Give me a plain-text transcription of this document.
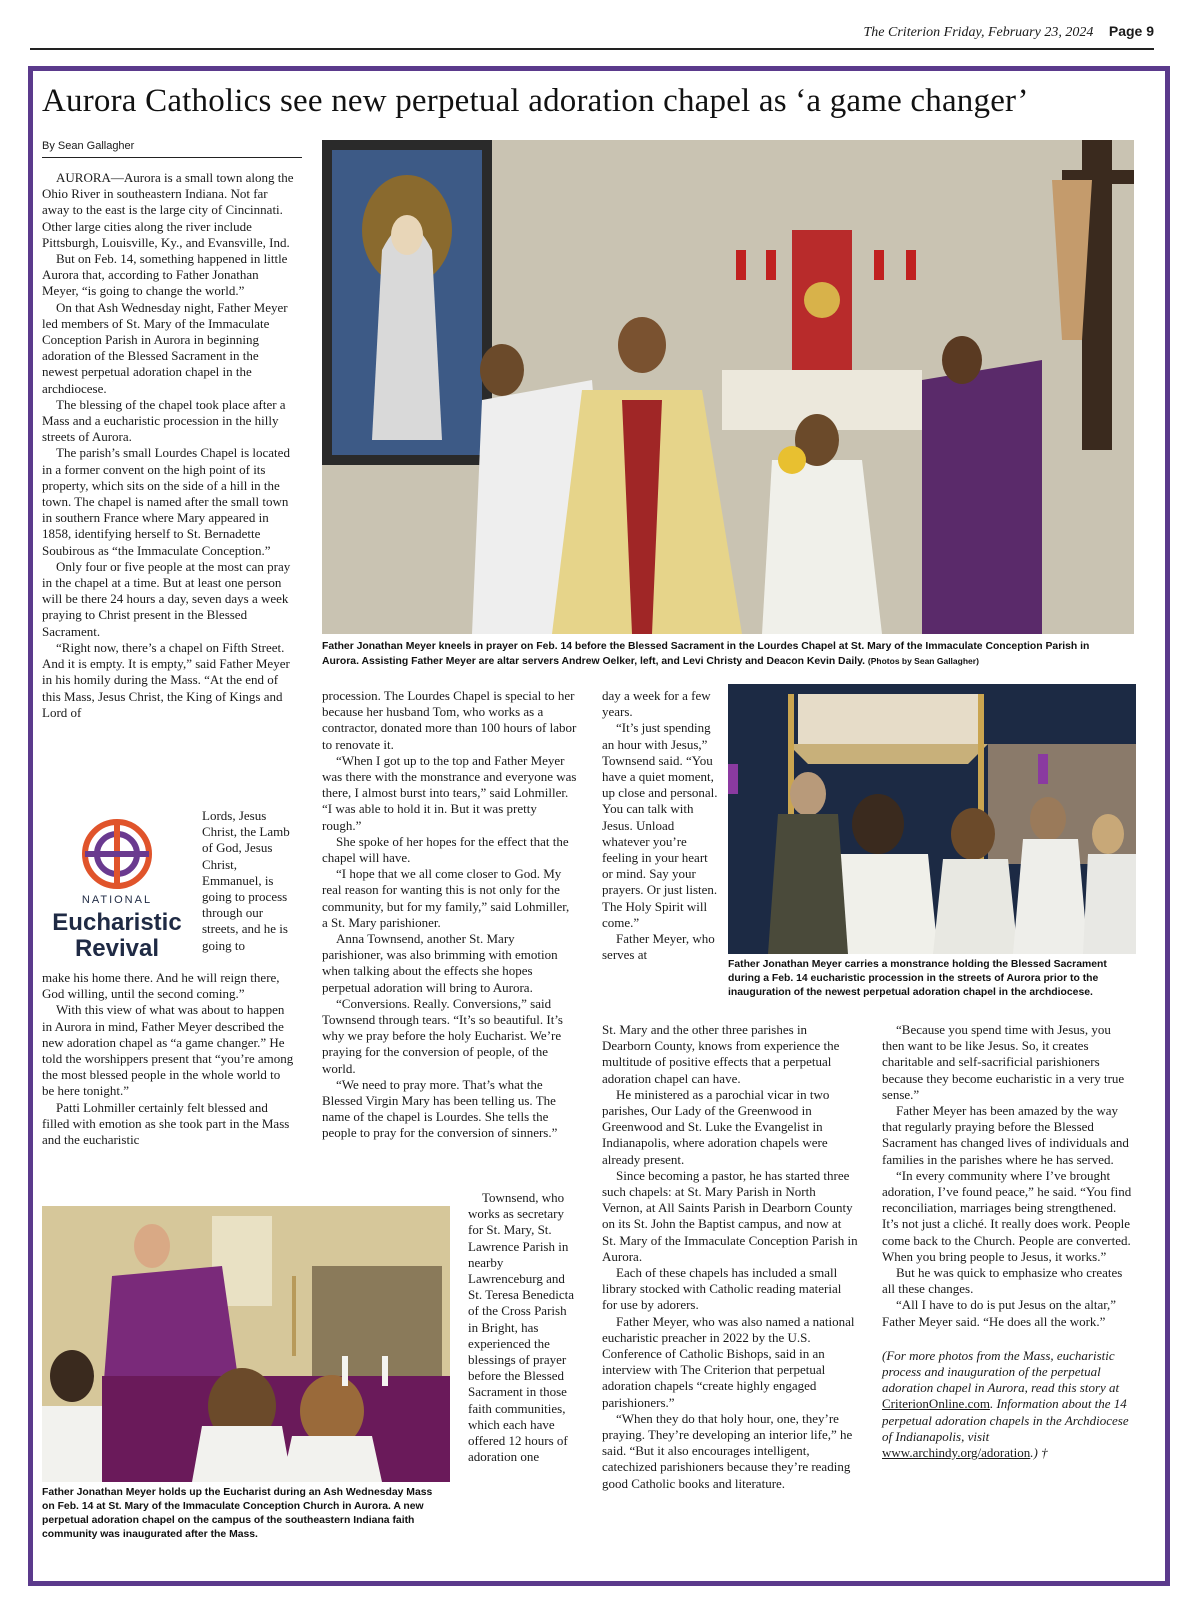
The Criterion Friday, February 23, 2024 Page 9
Aurora Catholics see new perpetual adoration chapel as ‘a game changer’
By Sean Gallagher
Father Jonathan Meyer kneels in prayer on Feb. 14 before the Blessed Sacrament in the Lourdes Chapel at St. Mary of the Immaculate Conception Parish in Aurora. Assisting Father Meyer are altar servers Andrew Oelker, left, and Levi Christy and Deacon Kevin Daily. (Photos by Sean Gallagher)

AURORA—Aurora is a small town along the Ohio River in southeastern Indiana. Not far away to the east is the large city of Cincinnati. Other large cities along the river include Pittsburgh, Louisville, Ky., and Evansville, Ind.

But on Feb. 14, something happened in little Aurora that, according to Father Jonathan Meyer, “is going to change the world.”

On that Ash Wednesday night, Father Meyer led members of St. Mary of the Immaculate Conception Parish in Aurora in beginning adoration of the Blessed Sacrament in the newest perpetual adoration chapel in the archdiocese.

The blessing of the chapel took place after a Mass and a eucharistic procession in the hilly streets of Aurora.

The parish’s small Lourdes Chapel is located in a former convent on the high point of its property, which sits on the side of a hill in the town. The chapel is named after the small town in southern France where Mary appeared in 1858, identifying herself to St. Bernadette Soubirous as “the Immaculate Conception.”

Only four or five people at the most can pray in the chapel at a time. But at least one person will be there 24 hours a day, seven days a week praying to Christ present in the Blessed Sacrament.

“Right now, there’s a chapel on Fifth Street. And it is empty. It is empty,” said Father Meyer in his homily during the Mass. “At the end of this Mass, Jesus Christ, the King of Kings and Lord of

NATIONAL
Eucharistic
Revival

Lords, Jesus Christ, the Lamb of God, Jesus Christ, Emmanuel, is going to process through our streets, and he is going to

make his home there. And he will reign there, God willing, until the second coming.”

With this view of what was about to happen in Aurora in mind, Father Meyer described the new adoration chapel as “a game changer.” He told the worshippers present that “you’re among the most blessed people in the whole world to be here tonight.”

Patti Lohmiller certainly felt blessed and filled with emotion as she took part in the Mass and the eucharistic

procession. The Lourdes Chapel is special to her because her husband Tom, who works as a contractor, donated more than 100 hours of labor to renovate it.

“When I got up to the top and Father Meyer was there with the monstrance and everyone was there, I almost burst into tears,” said Lohmiller. “I was able to hold it in. But it was pretty rough.”

She spoke of her hopes for the effect that the chapel will have.

“I hope that we all come closer to God. My real reason for wanting this is not only for the community, but for my family,” said Lohmiller, a St. Mary parishioner.

Anna Townsend, another St. Mary parishioner, was also brimming with emotion when talking about the effects she hopes perpetual adoration will bring to Aurora.

“Conversions. Really. Conversions,” said Townsend through tears. “It’s so beautiful. It’s why we pray before the holy Eucharist. We’re praying for the conversion of people, of the world.

“We need to pray more. That’s what the Blessed Virgin Mary has been telling us. The name of the chapel is Lourdes. She tells the people to pray for the conversion of sinners.”

Townsend, who works as secretary for St. Mary, St. Lawrence Parish in nearby Lawrenceburg and St. Teresa Benedicta of the Cross Parish in Bright, has experienced the blessings of prayer before the Blessed Sacrament in those faith communities, which each have offered 12 hours of adoration one

Father Jonathan Meyer holds up the Eucharist during an Ash Wednesday Mass on Feb. 14 at St. Mary of the Immaculate Conception Church in Aurora. A new perpetual adoration chapel on the campus of the southeastern Indiana faith community was inaugurated after the Mass.
Father Jonathan Meyer carries a monstrance holding the Blessed Sacrament during a Feb. 14 eucharistic procession in the streets of Aurora prior to the inauguration of the newest perpetual adoration chapel in the archdiocese.

day a week for a few years.

“It’s just spending an hour with Jesus,” Townsend said. “You have a quiet moment, up close and personal. You can talk with Jesus. Unload whatever you’re feeling in your heart or mind. Say your prayers. Or just listen. The Holy Spirit will come.”

Father Meyer, who serves at

St. Mary and the other three parishes in Dearborn County, knows from experience the multitude of positive effects that a perpetual adoration chapel can have.

He ministered as a parochial vicar in two parishes, Our Lady of the Greenwood in Greenwood and St. Luke the Evangelist in Indianapolis, where adoration chapels were already present.

Since becoming a pastor, he has started three such chapels: at St. Mary Parish in North Vernon, at All Saints Parish in Dearborn County on its St. John the Baptist campus, and now at St. Mary of the Immaculate Conception Parish in Aurora.

Each of these chapels has included a small library stocked with Catholic reading material for use by adorers.

Father Meyer, who was also named a national eucharistic preacher in 2022 by the U.S. Conference of Catholic Bishops, said in an interview with The Criterion that perpetual adoration chapels “create highly engaged parishioners.”

“When they do that holy hour, one, they’re praying. They’re developing an interior life,” he said. “But it also encourages intelligent, catechized parishioners because they’re reading good Catholic books and literature.

“Because you spend time with Jesus, you then want to be like Jesus. So, it creates charitable and self-sacrificial parishioners because they become eucharistic in a very true sense.”

Father Meyer has been amazed by the way that regularly praying before the Blessed Sacrament has changed lives of individuals and families in the parishes where he has served.

“In every community where I’ve brought adoration, I’ve found peace,” he said. “You find reconciliation, marriages being strengthened. It’s not just a cliché. It really does work. People come back to the Church. People are converted. When you bring people to Jesus, it works.”

But he was quick to emphasize who creates all these changes.

“All I have to do is put Jesus on the altar,” Father Meyer said. “He does all the work.”

(For more photos from the Mass, eucharistic process and inauguration of the perpetual adoration chapel in Aurora, read this story at CriterionOnline.com. Information about the 14 perpetual adoration chapels in the Archdiocese of Indianapolis, visit www.archindy.org/adoration.) †
